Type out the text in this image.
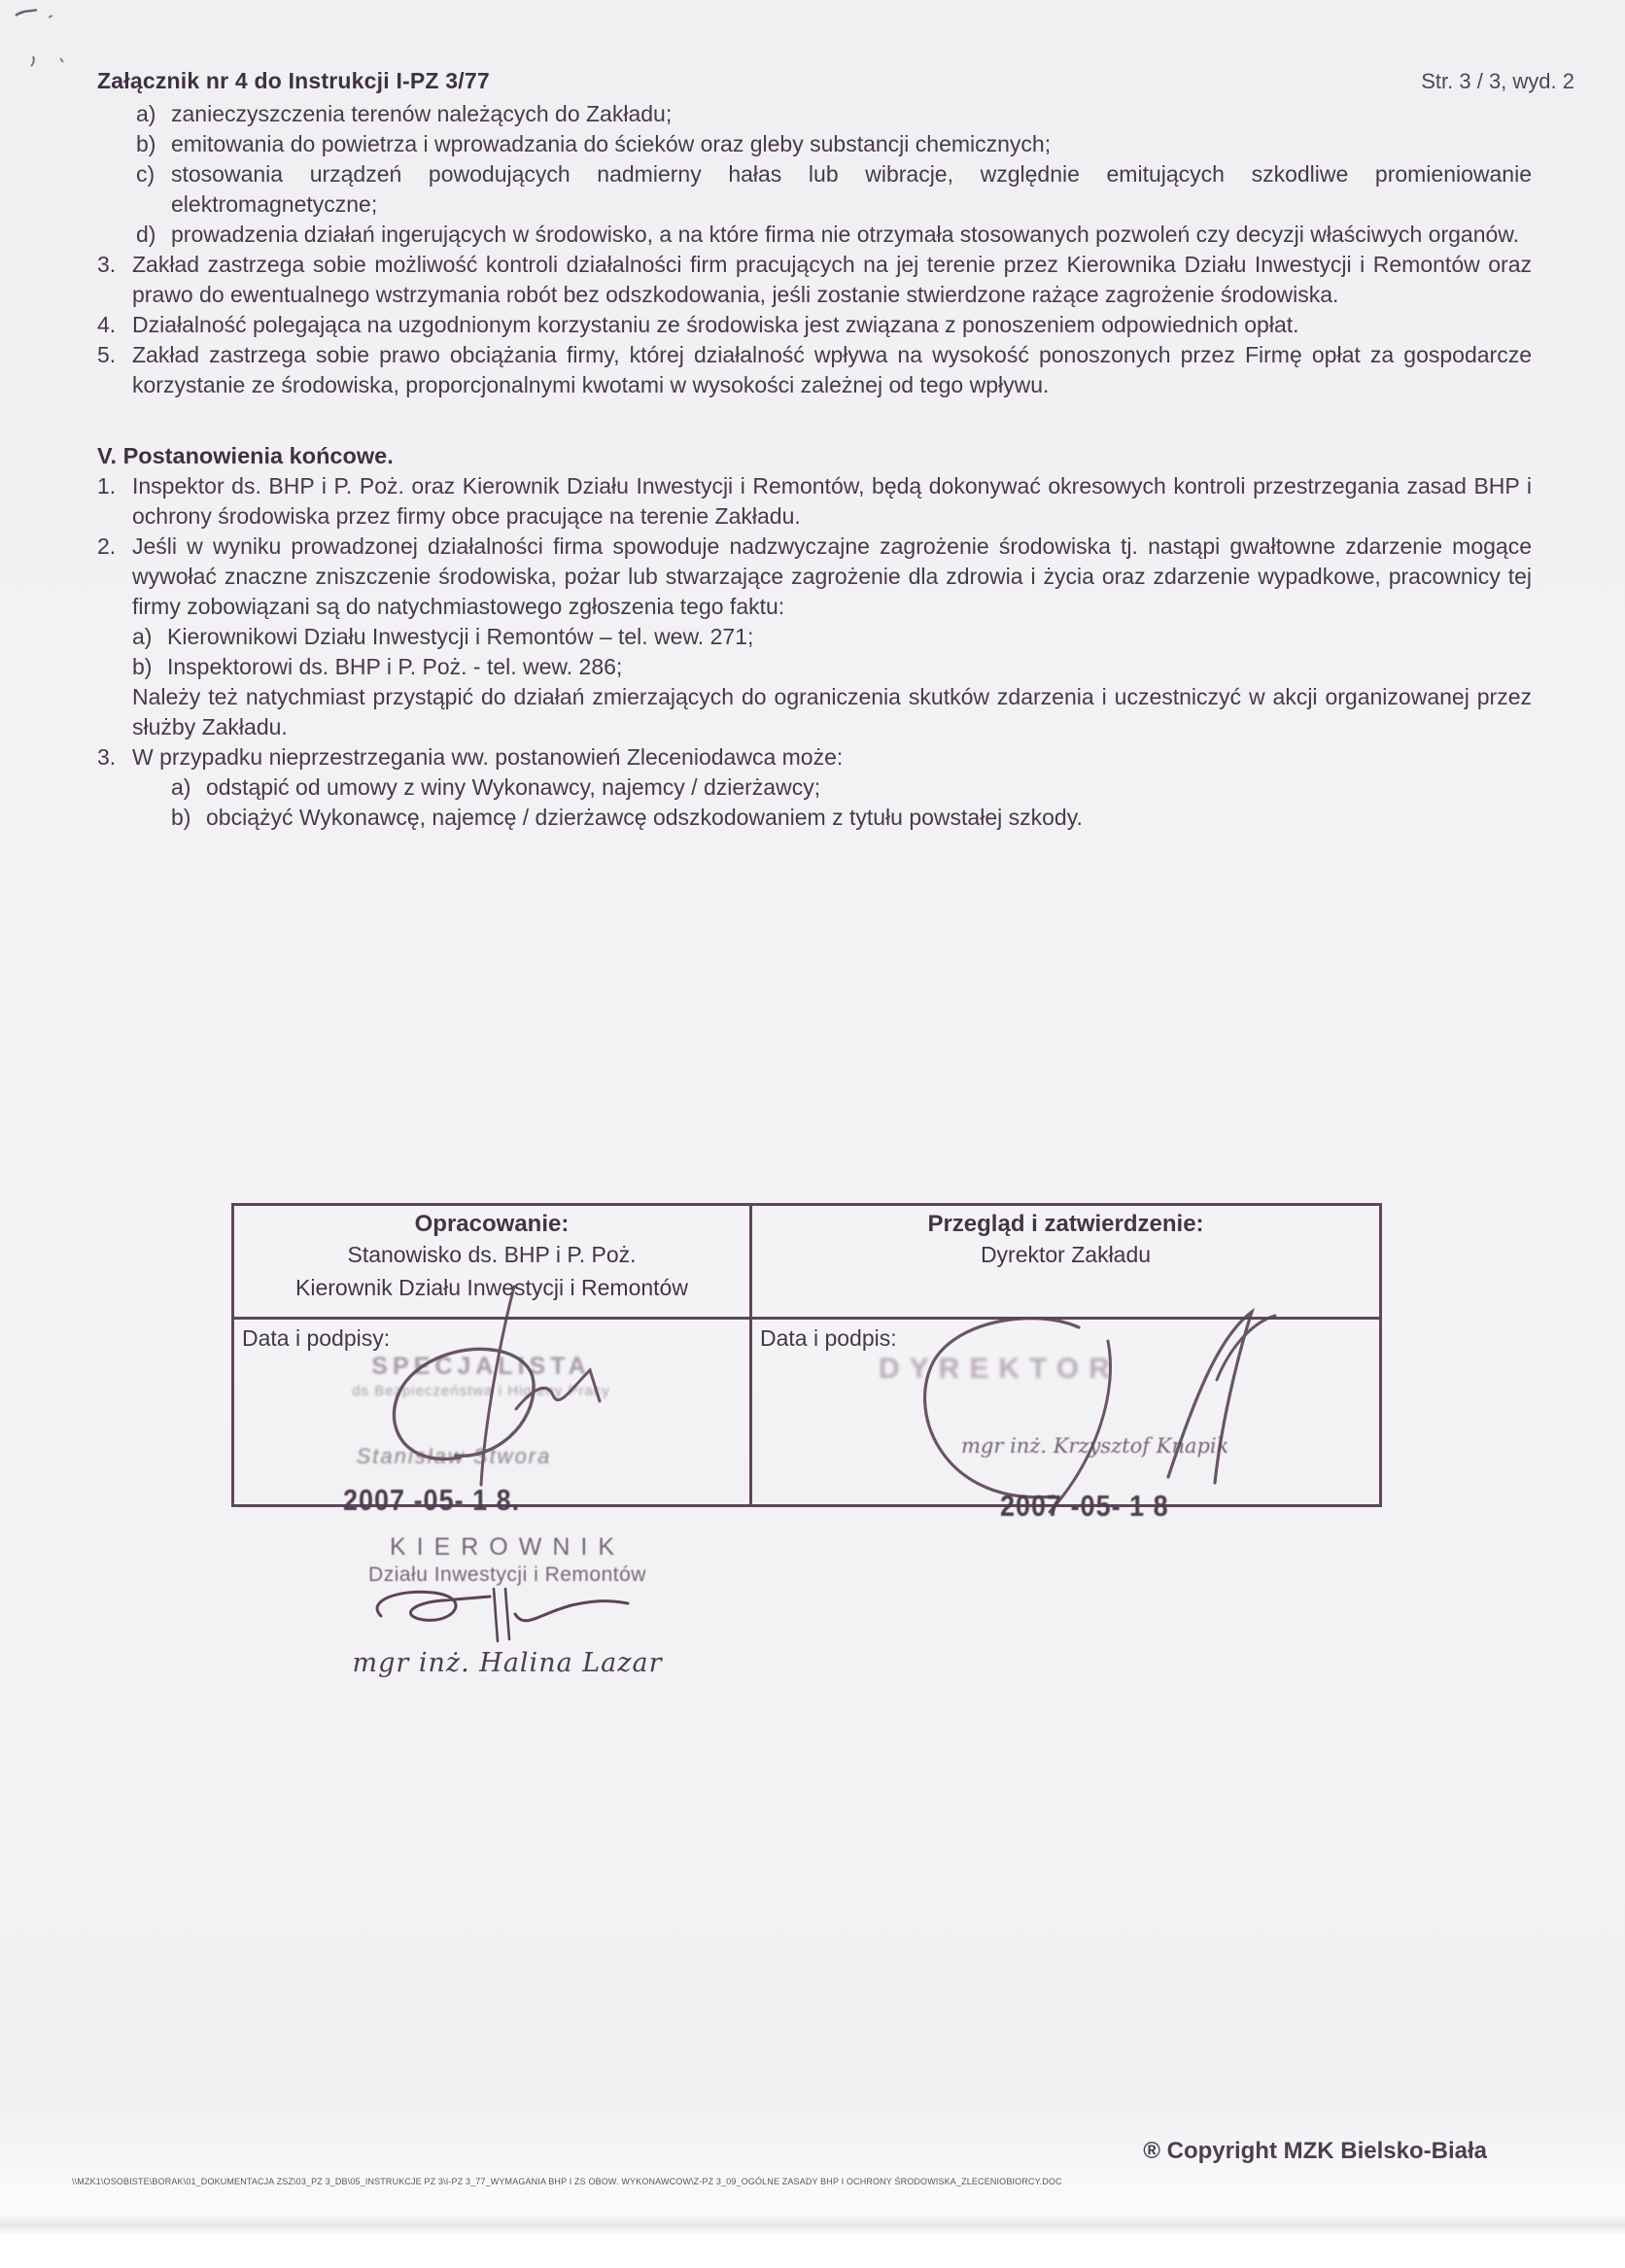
Załącznik nr 4 do Instrukcji I-PZ 3/77	Str. 3 / 3, wyd. 2
a) zanieczyszczenia terenów należących do Zakładu;
b) emitowania do powietrza i wprowadzania do ścieków oraz gleby substancji chemicznych;
c) stosowania urządzeń powodujących nadmierny hałas lub wibracje, względnie emitujących szkodliwe promieniowanie elektromagnetyczne;
d) prowadzenia działań ingerujących w środowisko, a na które firma nie otrzymała stosowanych pozwoleń czy decyzji właściwych organów.
3. Zakład zastrzega sobie możliwość kontroli działalności firm pracujących na jej terenie przez Kierownika Działu Inwestycji i Remontów oraz prawo do ewentualnego wstrzymania robót bez odszkodowania, jeśli zostanie stwierdzone rażące zagrożenie środowiska.
4. Działalność polegająca na uzgodnionym korzystaniu ze środowiska jest związana z ponoszeniem odpowiednich opłat.
5. Zakład zastrzega sobie prawo obciążania firmy, której działalność wpływa na wysokość ponoszonych przez Firmę opłat za gospodarcze korzystanie ze środowiska, proporcjonalnymi kwotami w wysokości zależnej od tego wpływu.
V. Postanowienia końcowe.
1. Inspektor ds. BHP i P. Poż. oraz Kierownik Działu Inwestycji i Remontów, będą dokonywać okresowych kontroli przestrzegania zasad BHP i ochrony środowiska przez firmy obce pracujące na terenie Zakładu.
2. Jeśli w wyniku prowadzonej działalności firma spowoduje nadzwyczajne zagrożenie środowiska tj. nastąpi gwałtowne zdarzenie mogące wywołać znaczne zniszczenie środowiska, pożar lub stwarzające zagrożenie dla zdrowia i życia oraz zdarzenie wypadkowe, pracownicy tej firmy zobowiązani są do natychmiastowego zgłoszenia tego faktu:
a) Kierownikowi Działu Inwestycji i Remontów – tel. wew. 271;
b) Inspektorowi ds. BHP i P. Poż. - tel. wew. 286;
Należy też natychmiast przystąpić do działań zmierzających do ograniczenia skutków zdarzenia i uczestniczyć w akcji organizowanej przez służby Zakładu.
3. W przypadku nieprzestrzegania ww. postanowień Zleceniodawca może:
a) odstąpić od umowy z winy Wykonawcy, najemcy / dzierżawcy;
b) obciążyć Wykonawcę, najemcę / dzierżawcę odszkodowaniem z tytułu powstałej szkody.
Opracowanie:
Stanowisko ds. BHP i P. Poż.
Kierownik Działu Inwestycji i Remontów
Przegląd i zatwierdzenie:
Dyrektor Zakładu
Data i podpisy:
SPECJALISTA
ds Bezpieczeństwa i Higieny Pracy
Stanisław Stwora
2007 -05- 1 8.
Data i podpis:
DYREKTOR
mgr inż. Krzysztof Knapik
2007 -05- 1 8
KIEROWNIK
Działu Inwestycji i Remontów
mgr inż. Halina Lazar
\\MZK1\OSOBISTE\BORAK\01_DOKUMENTACJA ZSZ\03_PZ 3_DB\05_INSTRUKCJE PZ 3\I-PZ 3_77_WYMAGANIA BHP I ZS OBOW. WYKONAWCOW\Z-PZ 3_09_OGÓLNE ZASADY BHP I OCHRONY ŚRODOWISKA_ZLECENIOBIORCY.DOC
® Copyright MZK Bielsko-Biała
